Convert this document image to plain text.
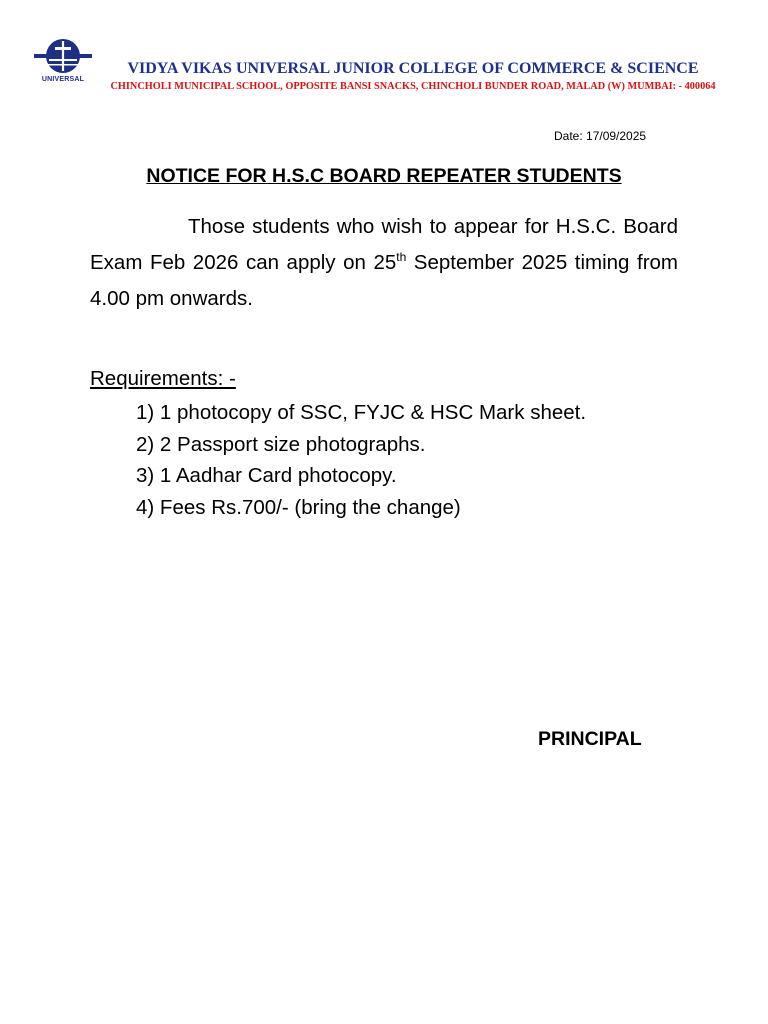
UNIVERSAL
VIDYA VIKAS UNIVERSAL JUNIOR COLLEGE OF COMMERCE & SCIENCE
CHINCHOLI MUNICIPAL SCHOOL, OPPOSITE BANSI SNACKS, CHINCHOLI BUNDER ROAD, MALAD (W) MUMBAI: - 400064
Date: 17/09/2025
NOTICE FOR H.S.C BOARD REPEATER STUDENTS
Those students who wish to appear for H.S.C. Board Exam Feb 2026 can apply on 25th September 2025 timing from 4.00 pm onwards.
Requirements: -
1) 1 photocopy of SSC, FYJC & HSC Mark sheet.
2) 2 Passport size photographs.
3) 1 Aadhar Card photocopy.
4) Fees Rs.700/- (bring the change)
PRINCIPAL
